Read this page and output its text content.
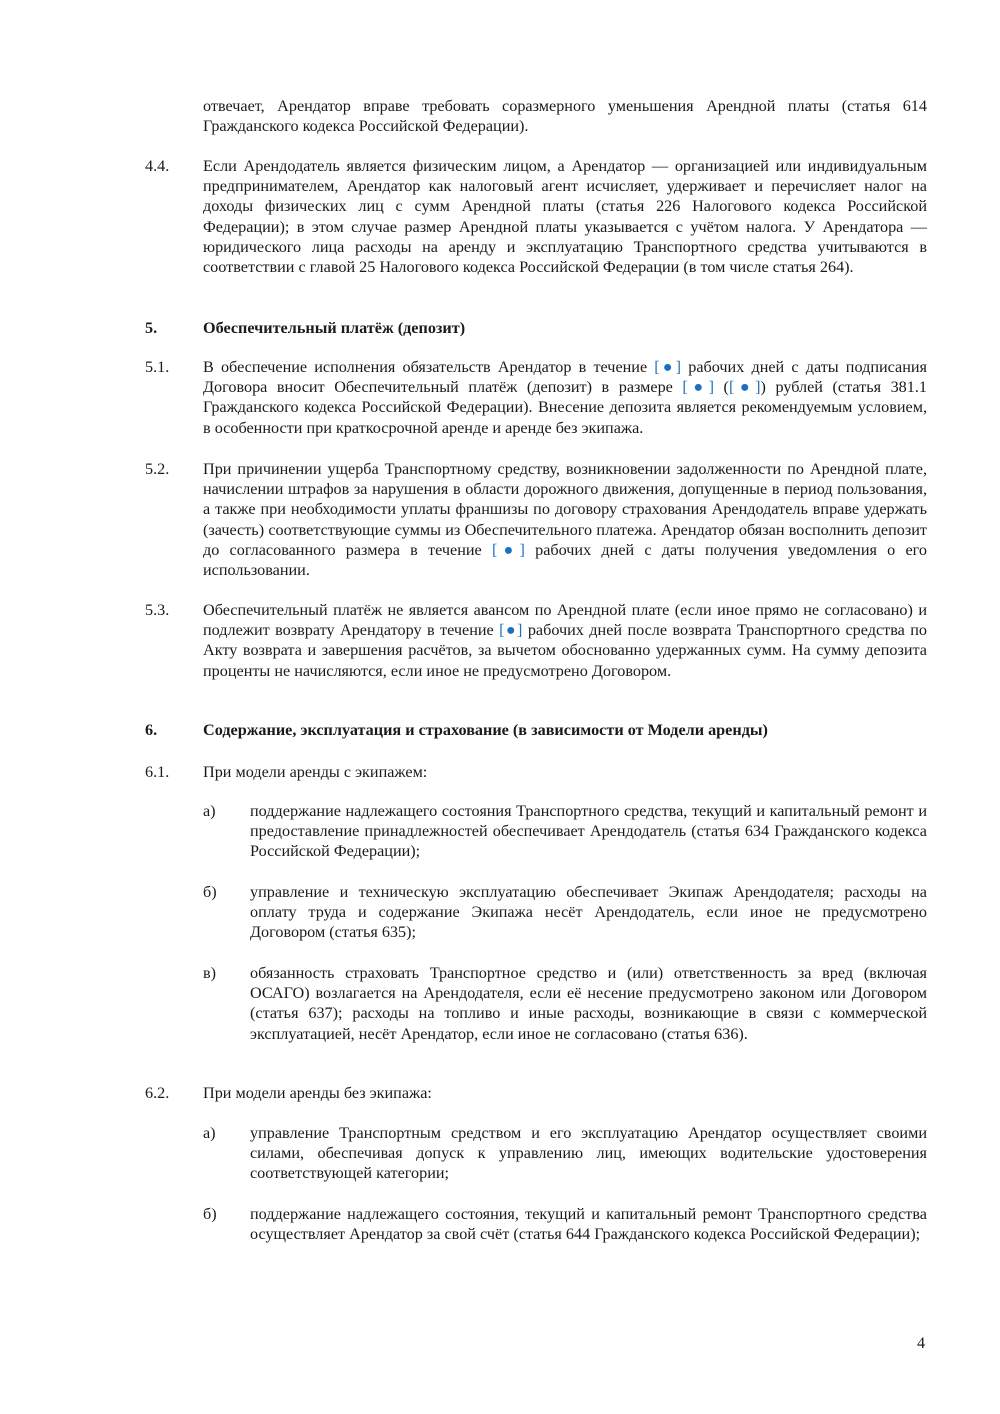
отвечает, Арендатор вправе требовать соразмерного уменьшения Арендной платы (статья 614 Гражданского кодекса Российской Федерации).
4.4. Если Арендодатель является физическим лицом, а Арендатор — организацией или индивидуальным предпринимателем, Арендатор как налоговый агент исчисляет, удерживает и перечисляет налог на доходы физических лиц с сумм Арендной платы (статья 226 Налогового кодекса Российской Федерации); в этом случае размер Арендной платы указывается с учётом налога. У Арендатора — юридического лица расходы на аренду и эксплуатацию Транспортного средства учитываются в соответствии с главой 25 Налогового кодекса Российской Федерации (в том числе статья 264).
5.	Обеспечительный платёж (депозит)
5.1. В обеспечение исполнения обязательств Арендатор в течение [●] рабочих дней с даты подписания Договора вносит Обеспечительный платёж (депозит) в размере [●] ([●]) рублей (статья 381.1 Гражданского кодекса Российской Федерации). Внесение депозита является рекомендуемым условием, в особенности при краткосрочной аренде и аренде без экипажа.
5.2. При причинении ущерба Транспортному средству, возникновении задолженности по Арендной плате, начислении штрафов за нарушения в области дорожного движения, допущенные в период пользования, а также при необходимости уплаты франшизы по договору страхования Арендодатель вправе удержать (зачесть) соответствующие суммы из Обеспечительного платежа. Арендатор обязан восполнить депозит до согласованного размера в течение [●] рабочих дней с даты получения уведомления о его использовании.
5.3. Обеспечительный платёж не является авансом по Арендной плате (если иное прямо не согласовано) и подлежит возврату Арендатору в течение [●] рабочих дней после возврата Транспортного средства по Акту возврата и завершения расчётов, за вычетом обоснованно удержанных сумм. На сумму депозита проценты не начисляются, если иное не предусмотрено Договором.
6.	Содержание, эксплуатация и страхование (в зависимости от Модели аренды)
6.1. При модели аренды с экипажем:
а) поддержание надлежащего состояния Транспортного средства, текущий и капитальный ремонт и предоставление принадлежностей обеспечивает Арендодатель (статья 634 Гражданского кодекса Российской Федерации);
б) управление и техническую эксплуатацию обеспечивает Экипаж Арендодателя; расходы на оплату труда и содержание Экипажа несёт Арендодатель, если иное не предусмотрено Договором (статья 635);
в) обязанность страховать Транспортное средство и (или) ответственность за вред (включая ОСАГО) возлагается на Арендодателя, если её несение предусмотрено законом или Договором (статья 637); расходы на топливо и иные расходы, возникающие в связи с коммерческой эксплуатацией, несёт Арендатор, если иное не согласовано (статья 636).
6.2. При модели аренды без экипажа:
а) управление Транспортным средством и его эксплуатацию Арендатор осуществляет своими силами, обеспечивая допуск к управлению лиц, имеющих водительские удостоверения соответствующей категории;
б) поддержание надлежащего состояния, текущий и капитальный ремонт Транспортного средства осуществляет Арендатор за свой счёт (статья 644 Гражданского кодекса Российской Федерации);
4
